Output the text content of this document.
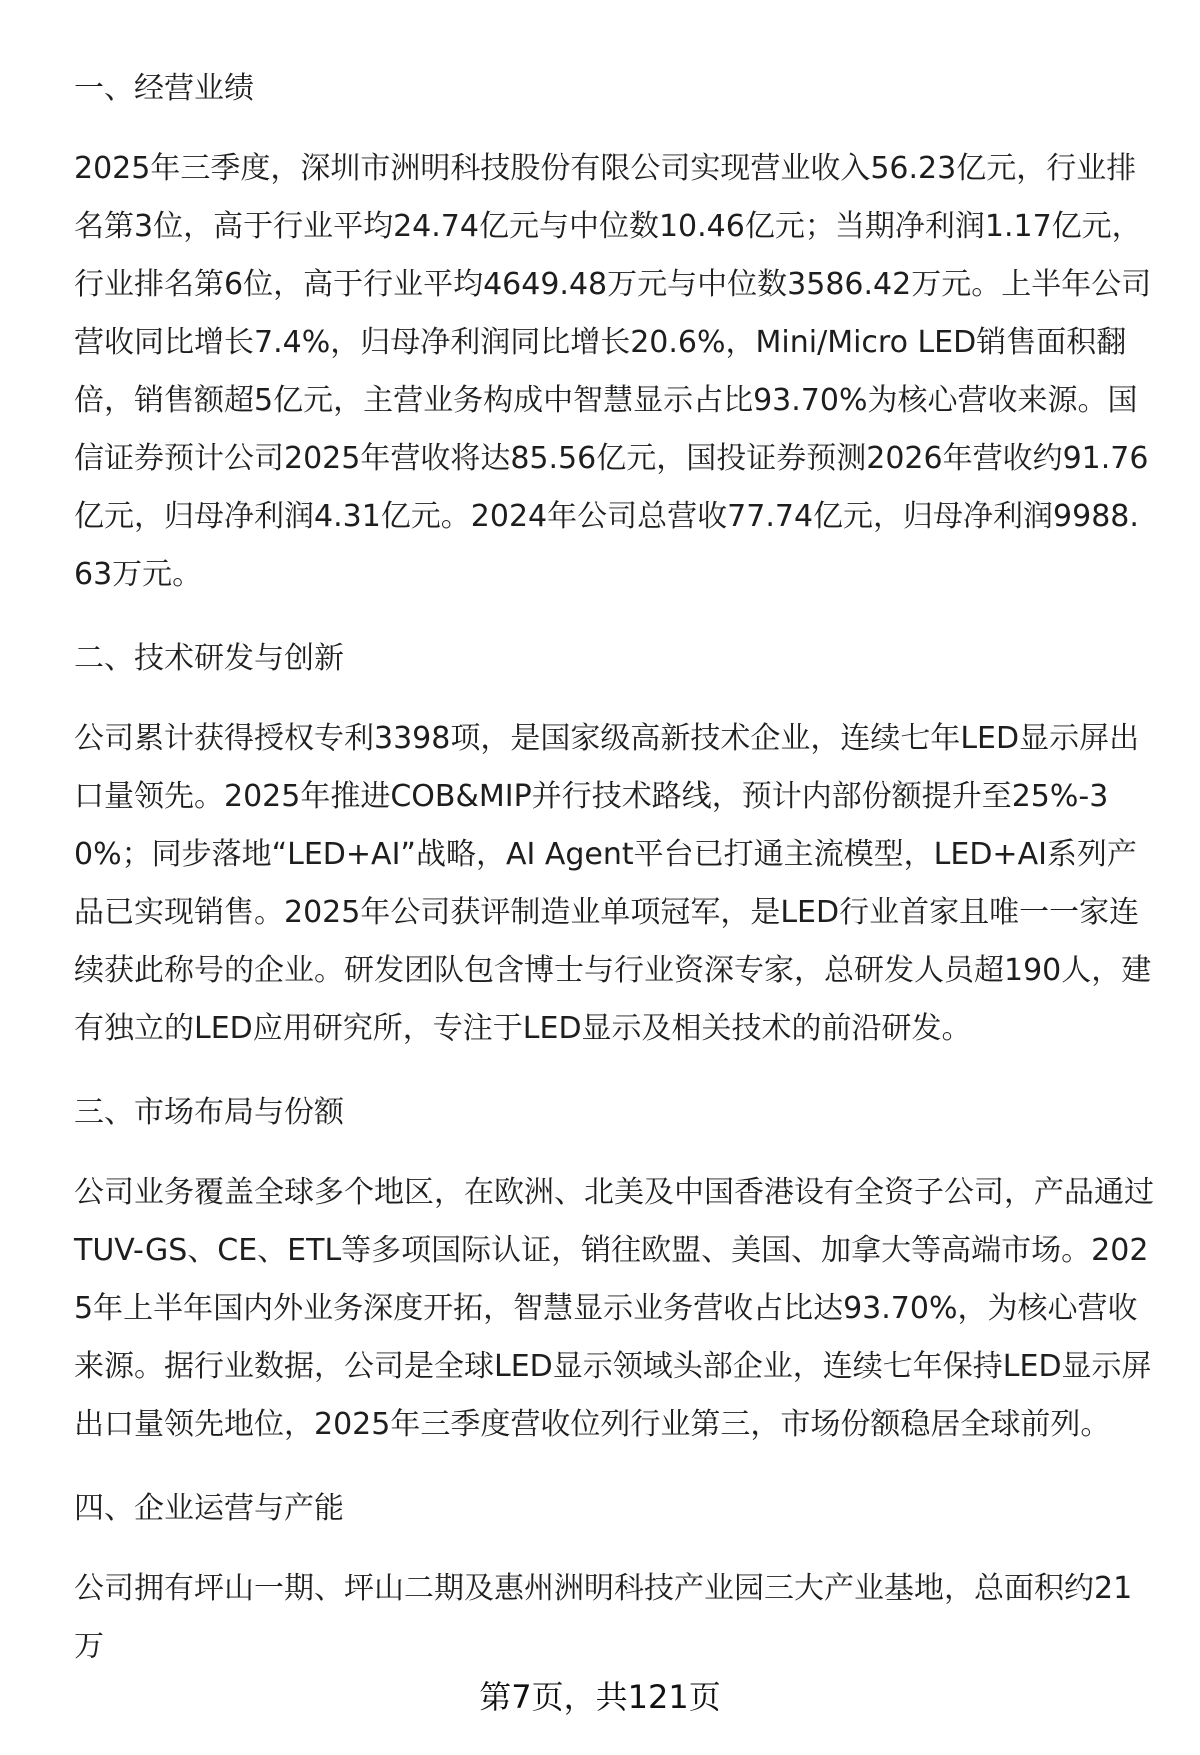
一、经营业绩
2025年三季度，深圳市洲明科技股份有限公司实现营业收入56.23亿元，行业排名第3位，高于行业平均24.74亿元与中位数10.46亿元；当期净利润1.17亿元，行业排名第6位，高于行业平均4649.48万元与中位数3586.42万元。上半年公司营收同比增长7.4%，归母净利润同比增长20.6%，Mini/Micro LED销售面积翻倍，销售额超5亿元，主营业务构成中智慧显示占比93.70%为核心营收来源。国信证券预计公司2025年营收将达85.56亿元，国投证券预测2026年营收约91.76亿元，归母净利润4.31亿元。2024年公司总营收77.74亿元，归母净利润9988.63万元。
二、技术研发与创新
公司累计获得授权专利3398项，是国家级高新技术企业，连续七年LED显示屏出口量领先。2025年推进COB&MIP并行技术路线，预计内部份额提升至25%-30%；同步落地“LED+AI”战略，AI Agent平台已打通主流模型，LED+AI系列产品已实现销售。2025年公司获评制造业单项冠军，是LED行业首家且唯一一家连续获此称号的企业。研发团队包含博士与行业资深专家，总研发人员超190人，建有独立的LED应用研究所，专注于LED显示及相关技术的前沿研发。
三、市场布局与份额
公司业务覆盖全球多个地区，在欧洲、北美及中国香港设有全资子公司，产品通过TUV-GS、CE、ETL等多项国际认证，销往欧盟、美国、加拿大等高端市场。2025年上半年国内外业务深度开拓，智慧显示业务营收占比达93.70%，为核心营收来源。据行业数据，公司是全球LED显示领域头部企业，连续七年保持LED显示屏出口量领先地位，2025年三季度营收位列行业第三，市场份额稳居全球前列。
四、企业运营与产能
公司拥有坪山一期、坪山二期及惠州洲明科技产业园三大产业基地，总面积约21万
第7页，共121页
